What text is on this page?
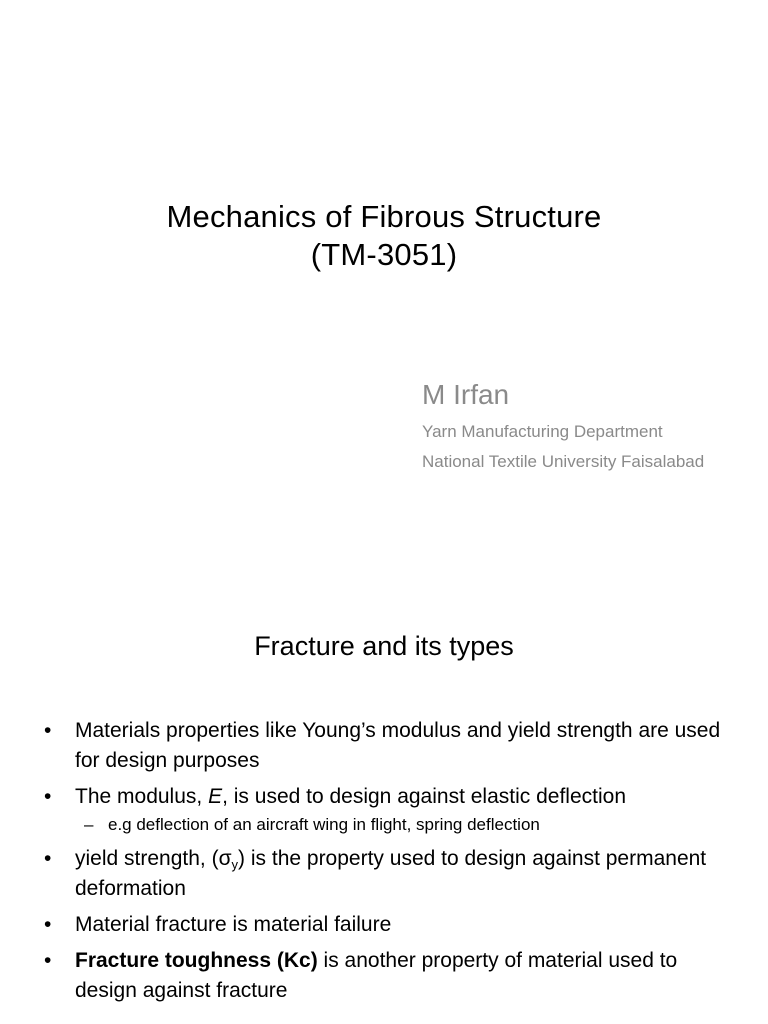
Mechanics of Fibrous Structure
(TM-3051)
M Irfan
Yarn Manufacturing Department
National Textile University Faisalabad
Fracture and its types
• Materials properties like Young’s modulus and yield strength are used for design purposes
• The modulus, E, is used to design against elastic deflection
– e.g deflection of an aircraft wing in flight, spring deflection
• yield strength, $(\sigma_y)$ is the property used to design against permanent deformation
• Material fracture is material failure
• Fracture toughness (Kc) is another property of material used to design against fracture
